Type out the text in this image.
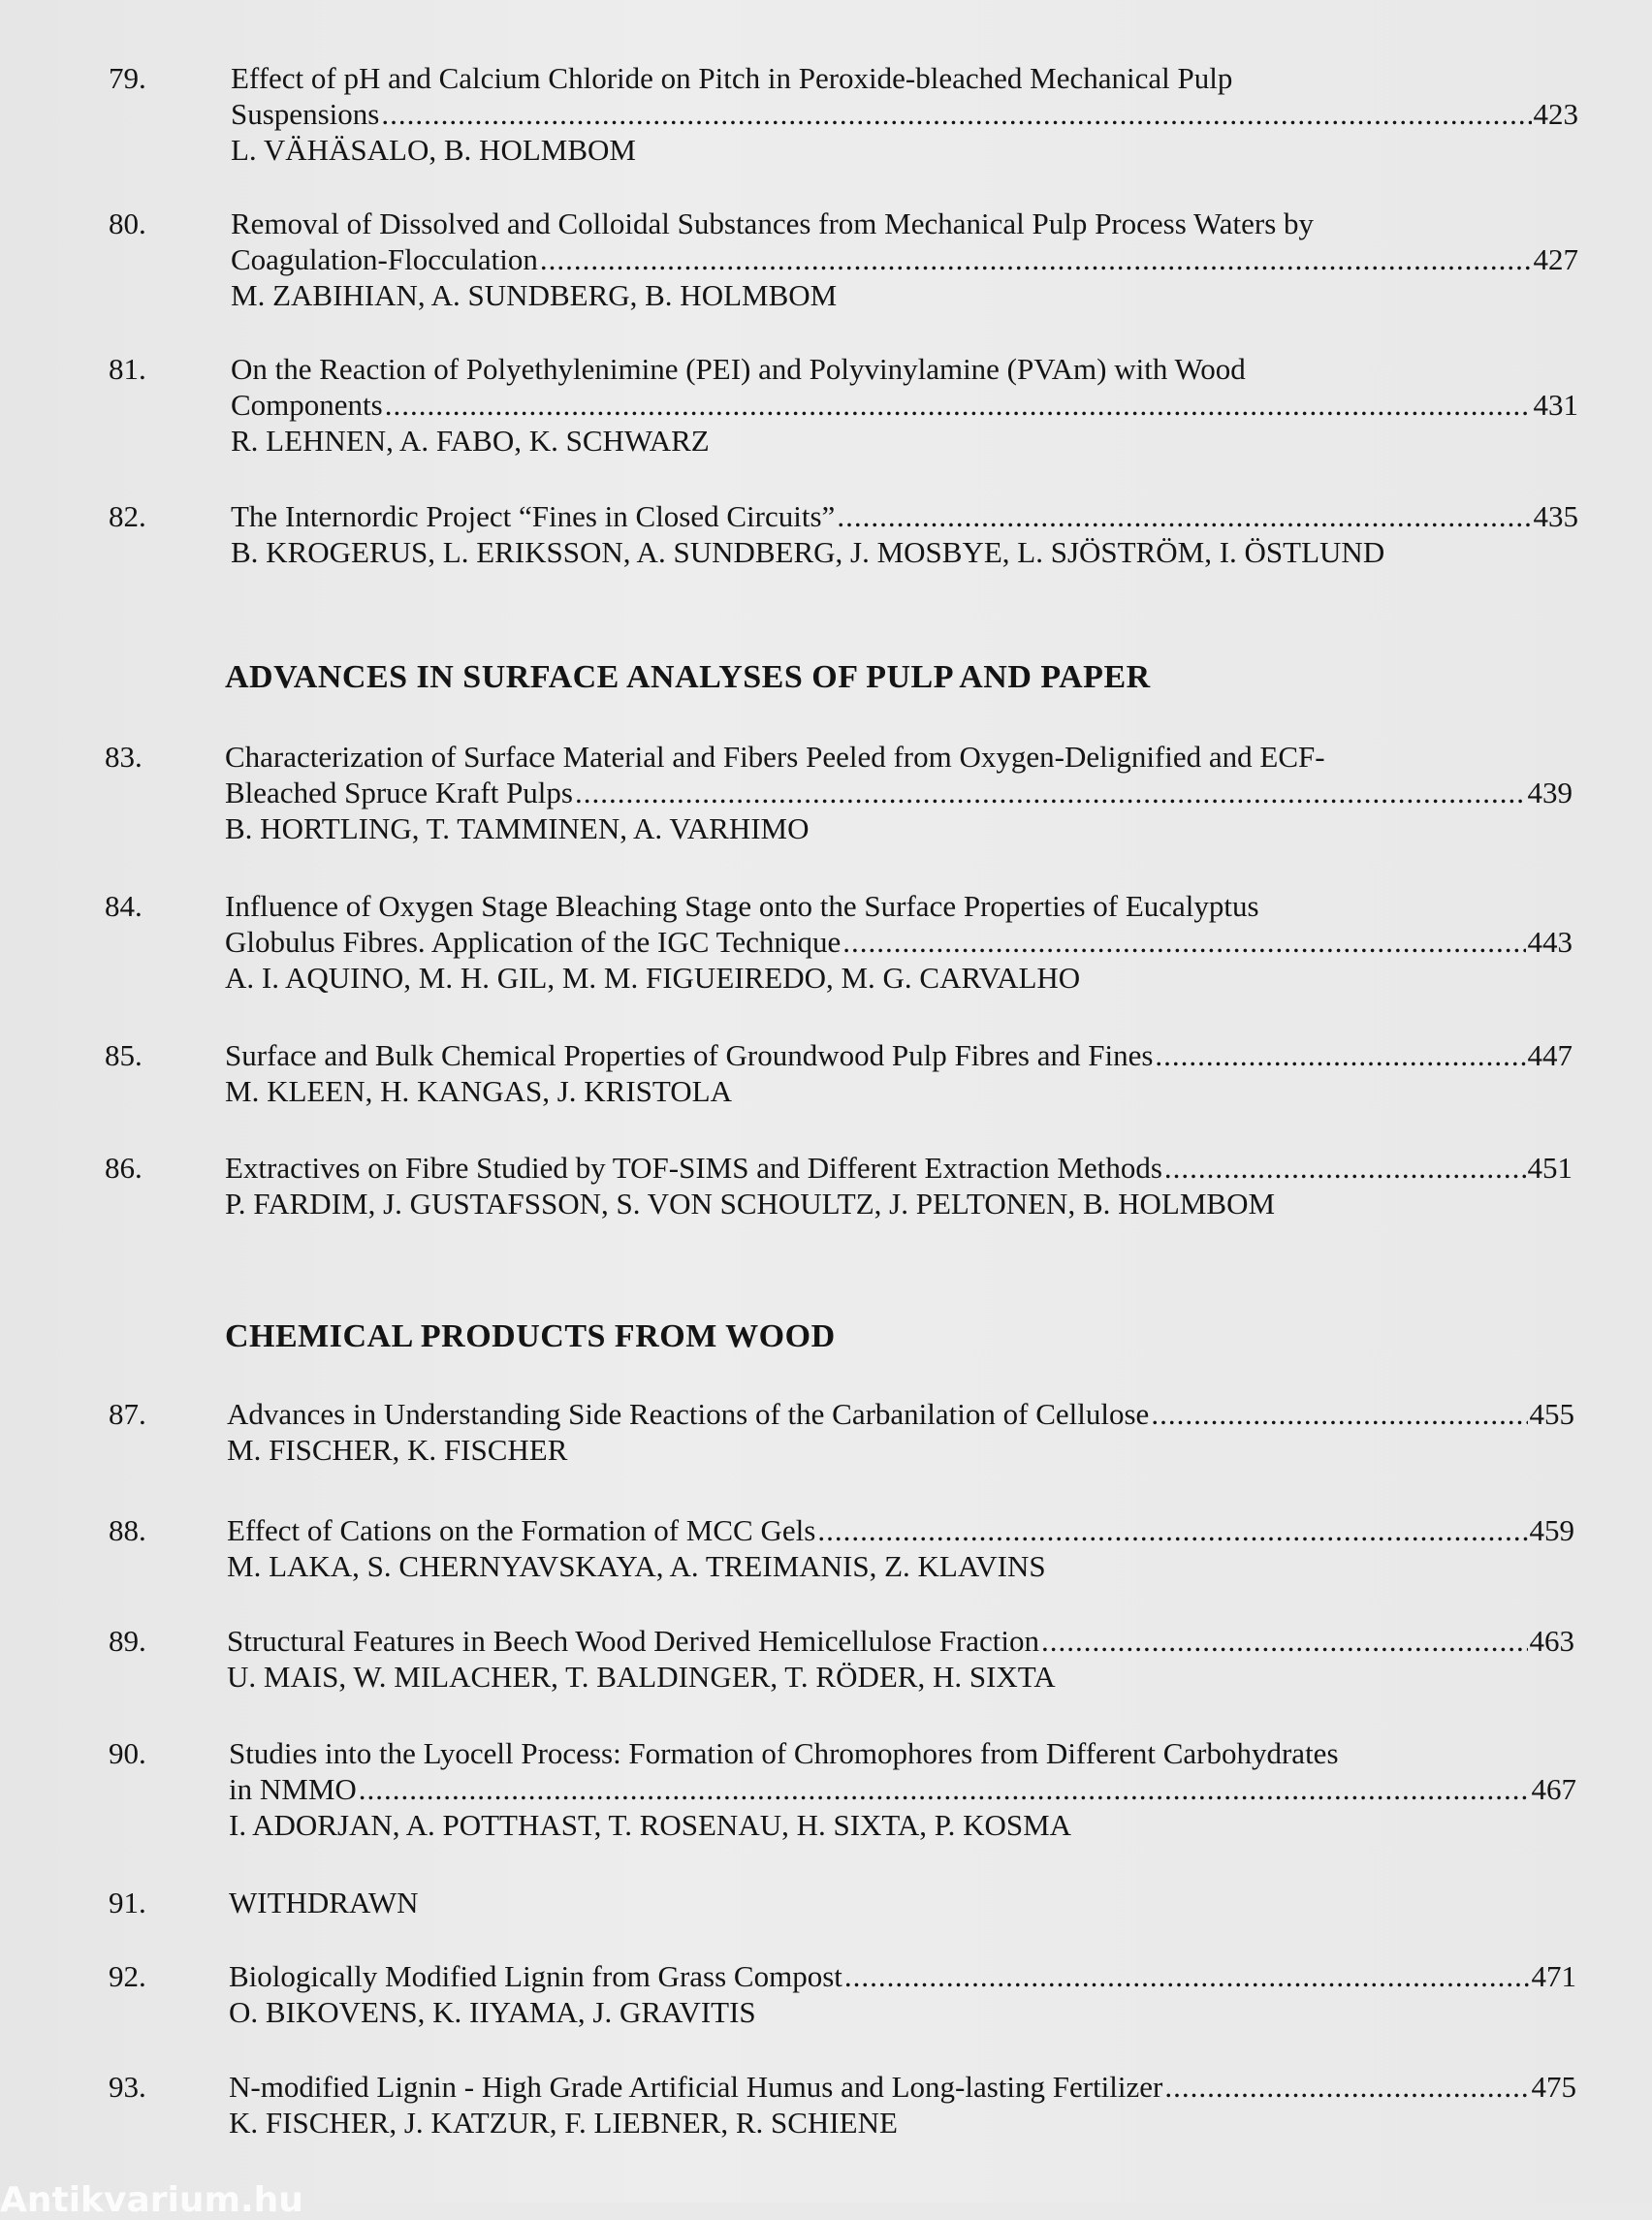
79.	Effect of pH and Calcium Chloride on Pitch in Peroxide-bleached Mechanical Pulp
Suspensions .....	423
L. VÄHÄSALO, B. HOLMBOM
80.	Removal of Dissolved and Colloidal Substances from Mechanical Pulp Process Waters by
Coagulation-Flocculation .....	427
M. ZABIHIAN, A. SUNDBERG, B. HOLMBOM
81.	On the Reaction of Polyethylenimine (PEI) and Polyvinylamine (PVAm) with Wood
Components .....	431
R. LEHNEN, A. FABO, K. SCHWARZ
82.	The Internordic Project “Fines in Closed Circuits” .....	435
B. KROGERUS, L. ERIKSSON, A. SUNDBERG, J. MOSBYE, L. SJÖSTRÖM, I. ÖSTLUND
ADVANCES IN SURFACE ANALYSES OF PULP AND PAPER
83.	Characterization of Surface Material and Fibers Peeled from Oxygen-Delignified and ECF-
Bleached Spruce Kraft Pulps .....	439
B. HORTLING, T. TAMMINEN, A. VARHIMO
84.	Influence of Oxygen Stage Bleaching Stage onto the Surface Properties of Eucalyptus
Globulus Fibres. Application of the IGC Technique .....	443
A. I. AQUINO, M. H. GIL, M. M. FIGUEIREDO, M. G. CARVALHO
85.	Surface and Bulk Chemical Properties of Groundwood Pulp Fibres and Fines .....	447
M. KLEEN, H. KANGAS, J. KRISTOLA
86.	Extractives on Fibre Studied by TOF-SIMS and Different Extraction Methods .....	451
P. FARDIM, J. GUSTAFSSON, S. VON SCHOULTZ, J. PELTONEN, B. HOLMBOM
CHEMICAL PRODUCTS FROM WOOD
87.	Advances in Understanding Side Reactions of the Carbanilation of Cellulose .....	455
M. FISCHER, K. FISCHER
88.	Effect of Cations on the Formation of MCC Gels .....	459
M. LAKA, S. CHERNYAVSKAYA, A. TREIMANIS, Z. KLAVINS
89.	Structural Features in Beech Wood Derived Hemicellulose Fraction .....	463
U. MAIS, W. MILACHER, T. BALDINGER, T. RÖDER, H. SIXTA
90.	Studies into the Lyocell Process: Formation of Chromophores from Different Carbohydrates
in NMMO .....	467
I. ADORJAN, A. POTTHAST, T. ROSENAU, H. SIXTA, P. KOSMA
91.	WITHDRAWN
92.	Biologically Modified Lignin from Grass Compost .....	471
O. BIKOVENS, K. IIYAMA, J. GRAVITIS
93.	N-modified Lignin - High Grade Artificial Humus and Long-lasting Fertilizer .....	475
K. FISCHER, J. KATZUR, F. LIEBNER, R. SCHIENE
Antikvarium.hu
